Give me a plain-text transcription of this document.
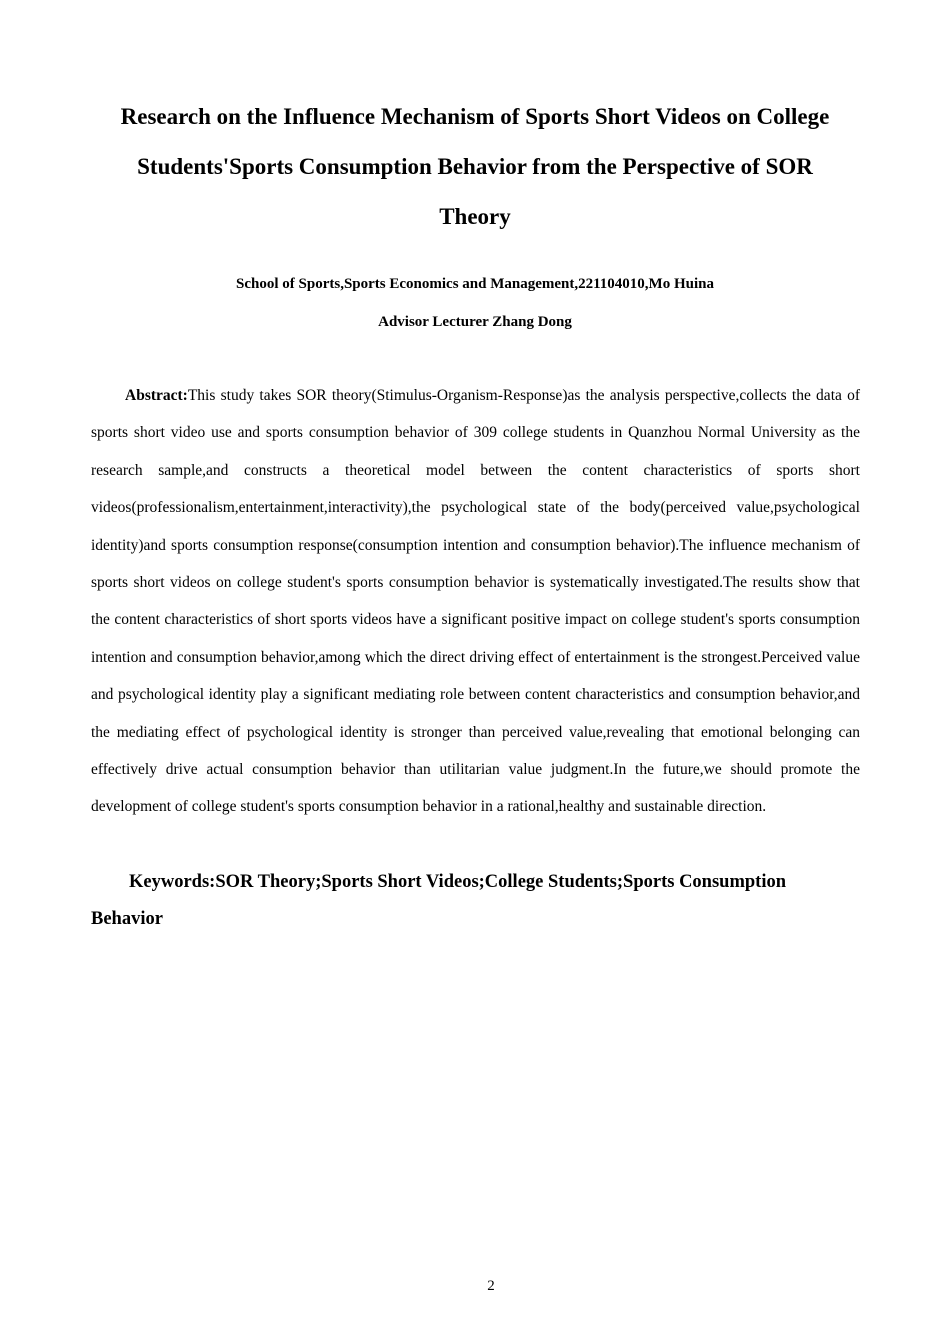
Research on the Influence Mechanism of Sports Short Videos on College
Students'Sports Consumption Behavior from the Perspective of SOR
Theory

School of Sports,Sports Economics and Management,221104010,Mo Huina

Advisor Lecturer Zhang Dong

Abstract:This study takes SOR theory(Stimulus-Organism-Response)as the analysis perspective,collects the data of sports short video use and sports consumption behavior of 309 college students in Quanzhou Normal University as the research sample,and constructs a theoretical model between the content characteristics of sports short videos(professionalism,entertainment,interactivity),the psychological state of the body(perceived value,psychological identity)and sports consumption response(consumption intention and consumption behavior).The influence mechanism of sports short videos on college student's sports consumption behavior is systematically investigated.The results show that the content characteristics of short sports videos have a significant positive impact on college student's sports consumption intention and consumption behavior,among which the direct driving effect of entertainment is the strongest.Perceived value and psychological identity play a significant mediating role between content characteristics and consumption behavior,and the mediating effect of psychological identity is stronger than perceived value,revealing that emotional belonging can effectively drive actual consumption behavior than utilitarian value judgment.In the future,we should promote the development of college student's sports consumption behavior in a rational,healthy and sustainable direction.

Keywords:SOR Theory;Sports Short Videos;College Students;Sports Consumption Behavior

2
